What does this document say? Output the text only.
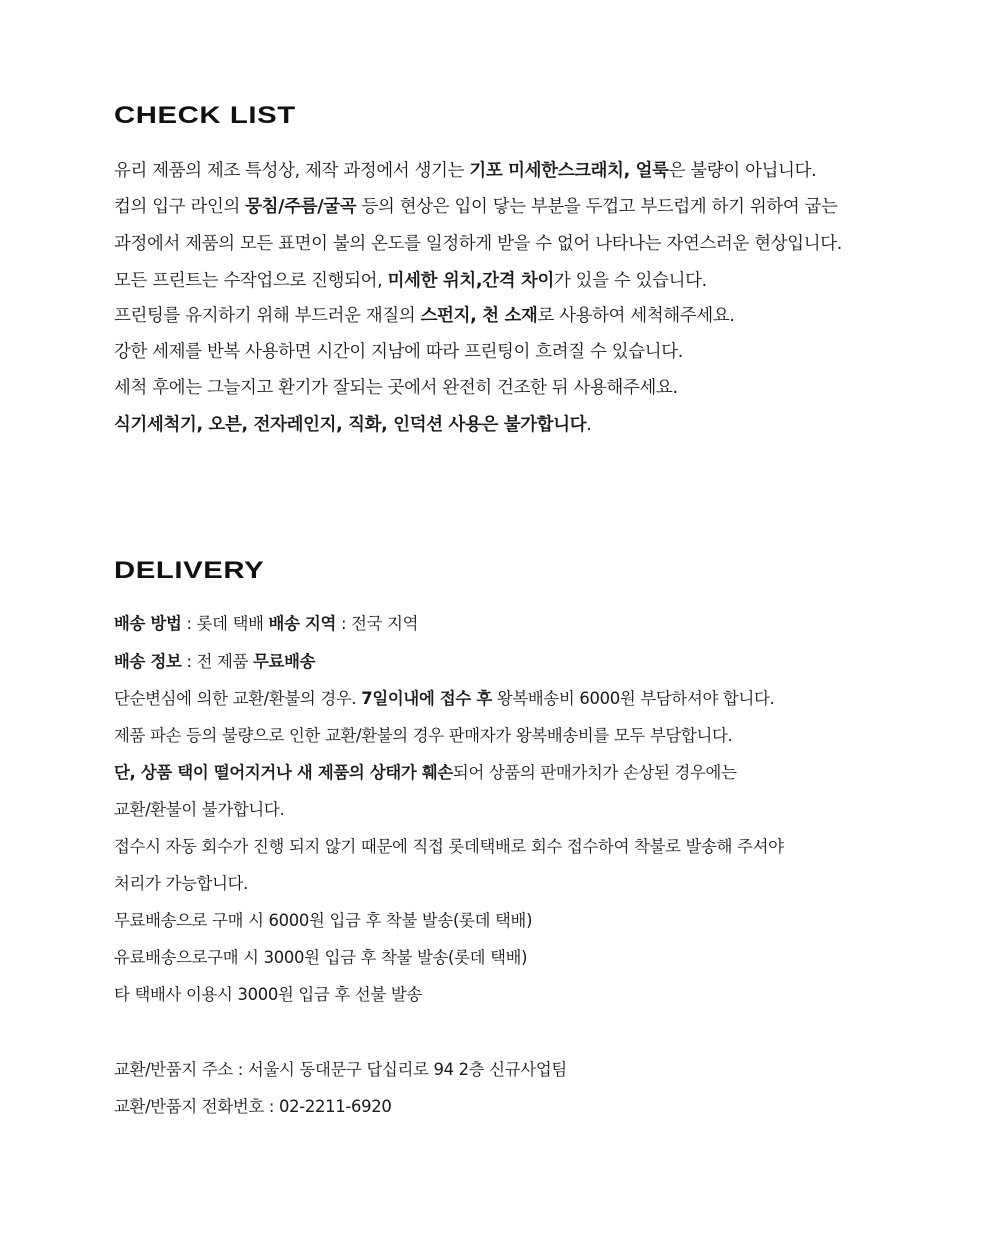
CHECK LIST

유리 제품의 제조 특성상, 제작 과정에서 생기는 기포 미세한스크래치, 얼룩은 불량이 아닙니다.

컵의 입구 라인의 뭉침/주름/굴곡 등의 현상은 입이 닿는 부분을 두껍고 부드럽게 하기 위하여 굽는

과정에서 제품의 모든 표면이 불의 온도를 일정하게 받을 수 없어 나타나는 자연스러운 현상입니다.

모든 프린트는 수작업으로 진행되어, 미세한 위치,간격 차이가 있을 수 있습니다.

프린팅를 유지하기 위해 부드러운 재질의 스펀지, 천 소재로 사용하여 세척해주세요.

강한 세제를 반복 사용하면 시간이 지남에 따라 프린팅이 흐려질 수 있습니다.

세척 후에는 그늘지고 환기가 잘되는 곳에서 완전히 건조한 뒤 사용해주세요.

식기세척기, 오븐, 전자레인지, 직화, 인덕션 사용은 불가합니다.

DELIVERY

배송 방법 : 롯데 택배 배송 지역 : 전국 지역

배송 정보 : 전 제품 무료배송

단순변심에 의한 교환/환불의 경우. 7일이내에 접수 후 왕복배송비 6000원 부담하셔야 합니다.

제품 파손 등의 불량으로 인한 교환/환불의 경우 판매자가 왕복배송비를 모두 부담합니다.

단, 상품 택이 떨어지거나 새 제품의 상태가 훼손되어 상품의 판매가치가 손상된 경우에는

교환/환불이 불가합니다.

접수시 자동 회수가 진행 되지 않기 때문에 직접 롯데택배로 회수 접수하여 착불로 발송해 주셔야

처리가 가능합니다.

무료배송으로 구매 시 6000원 입금 후 착불 발송(롯데 택배)

유료배송으로구매 시 3000원 입금 후 착불 발송(롯데 택배)

타 택배사 이용시 3000원 입금 후 선불 발송

교환/반품지 주소 : 서울시 동대문구 답십리로 94 2층 신규사업팀

교환/반품지 전화번호 : 02-2211-6920
